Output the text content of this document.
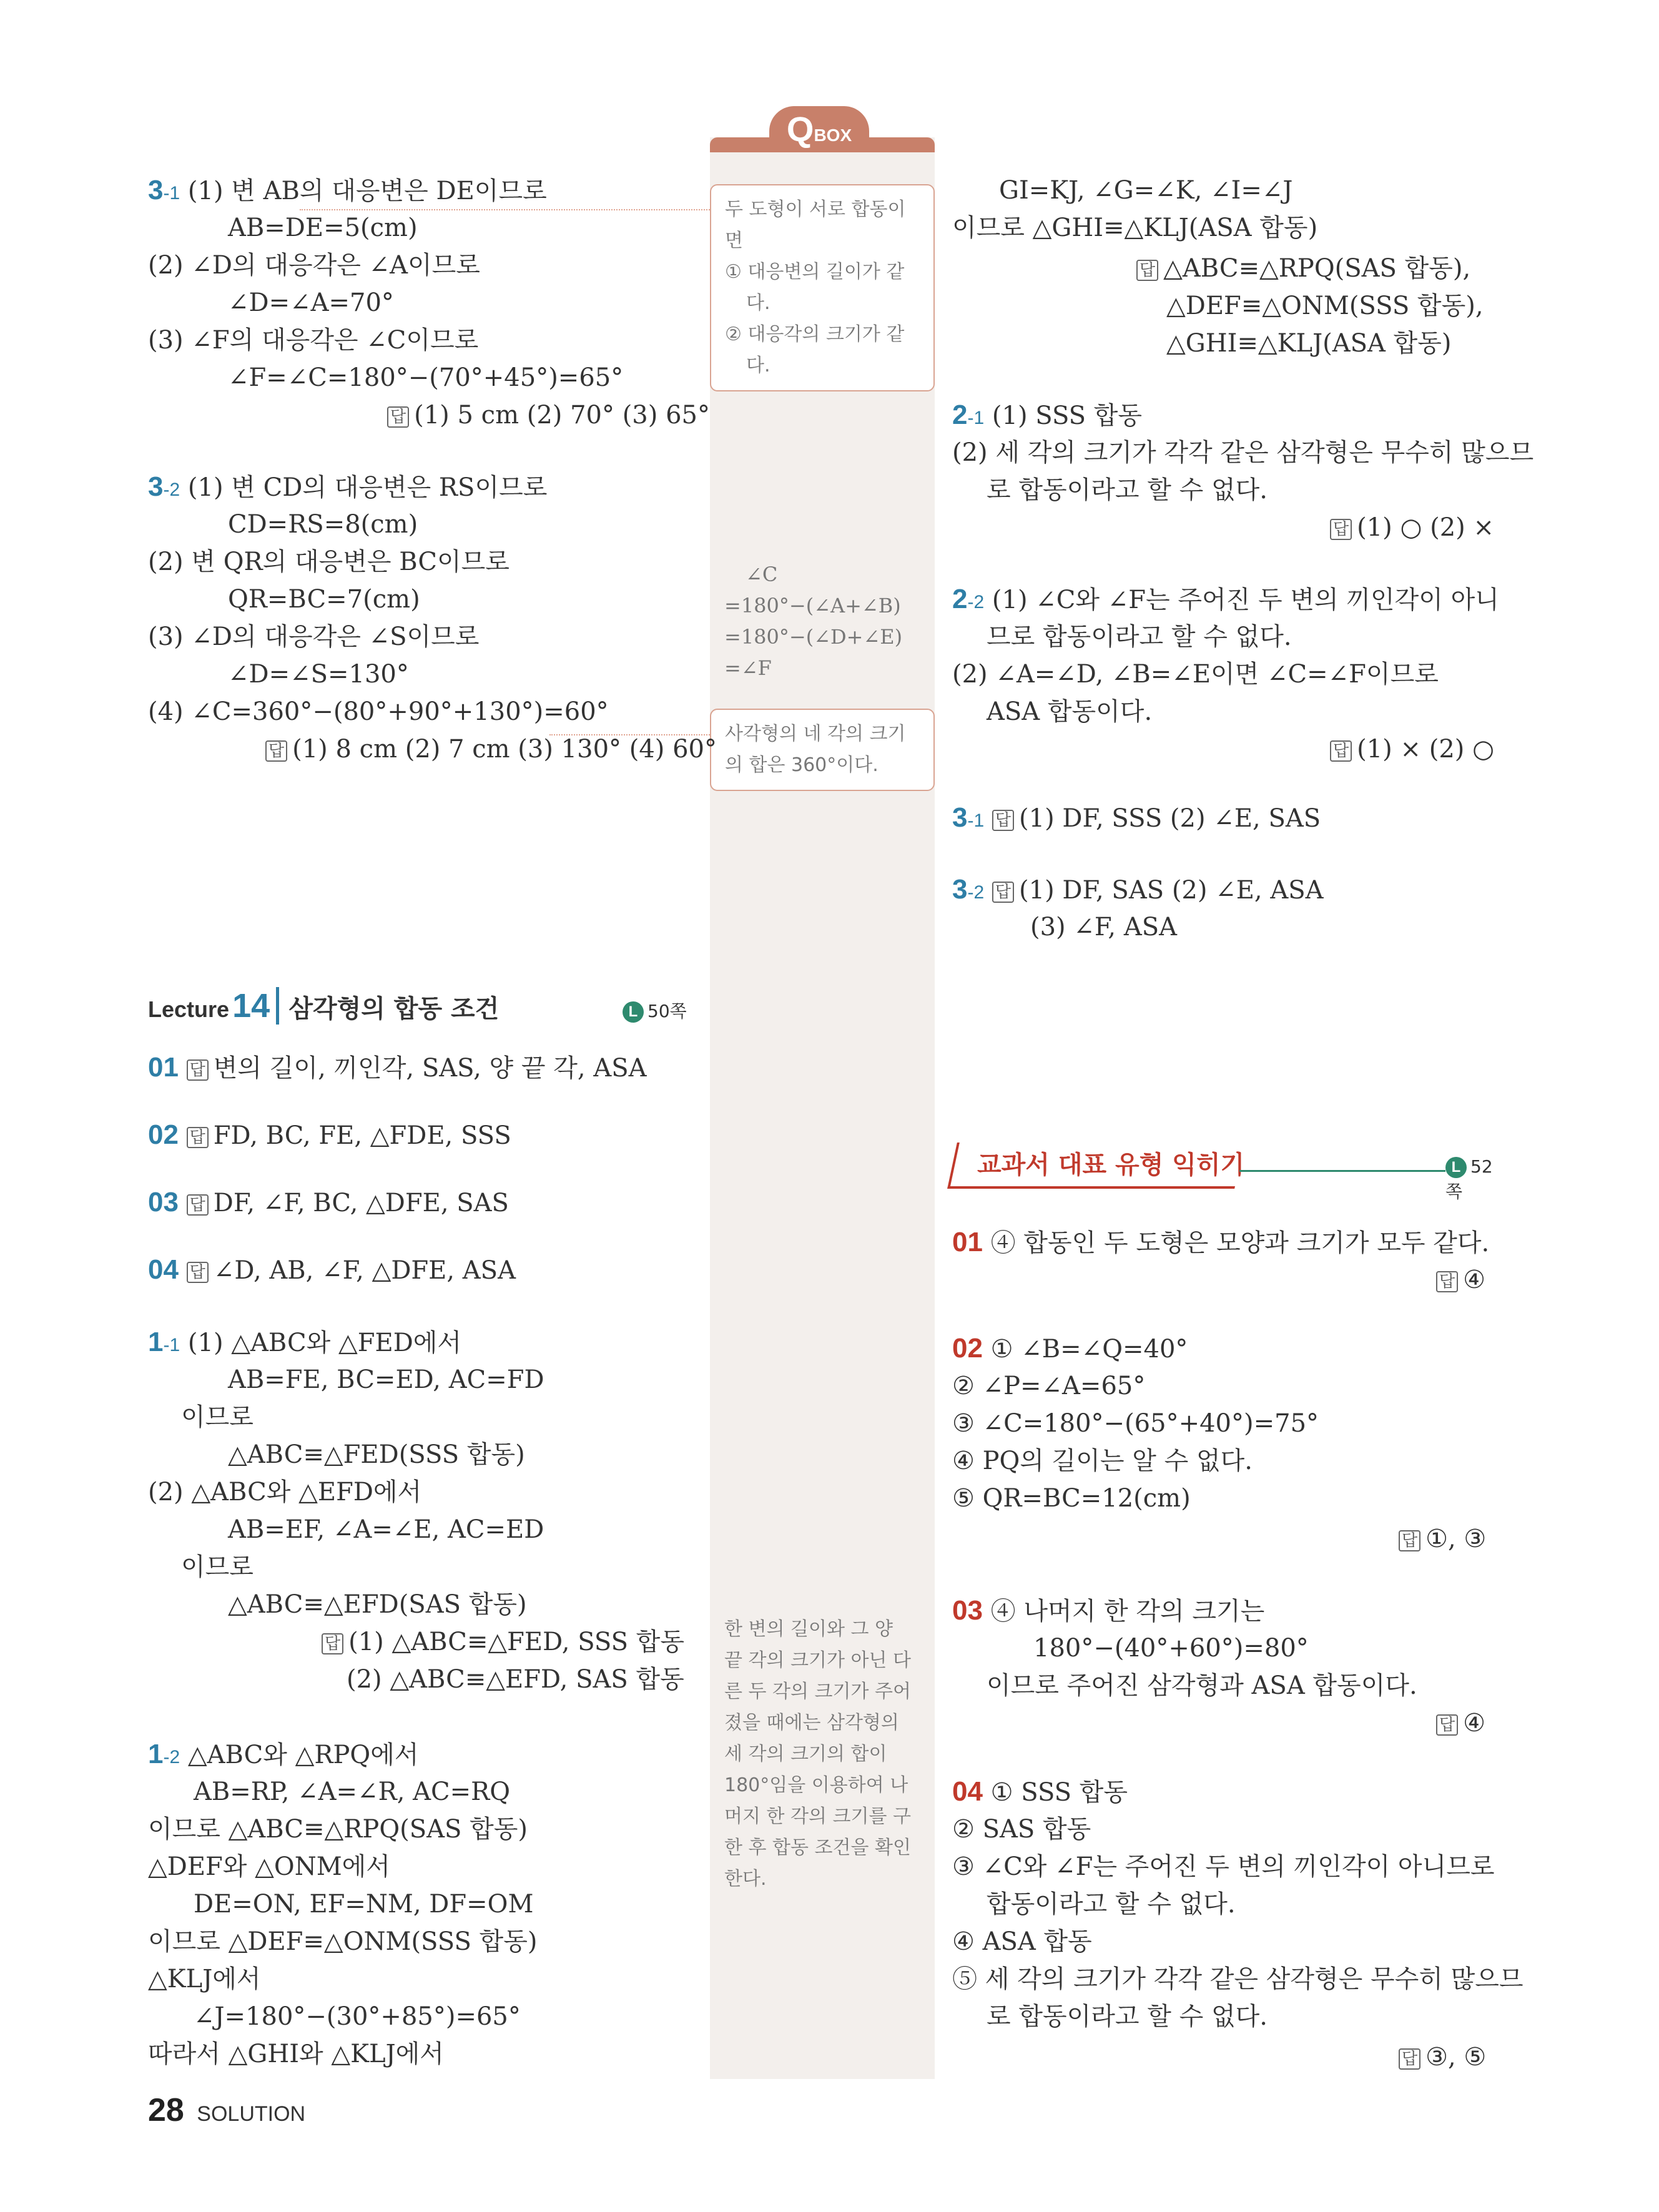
QBOX
두 도형이 서로 합동이
면
① 대응변의 길이가 같
다.
② 대응각의 크기가 같
다.
∠C
=180°−(∠A+∠B)
=180°−(∠D+∠E)
=∠F
사각형의 네 각의 크기
의 합은 360°이다.
한 변의 길이와 그 양
끝 각의 크기가 아닌 다
른 두 각의 크기가 주어
졌을 때에는 삼각형의
세 각의 크기의 합이
180°임을 이용하여 나
머지 한 각의 크기를 구
한 후 합동 조건을 확인
한다.
3-1 (1) 변 AB의 대응변은 DE이므로
AB=DE=5(cm)
(2) ∠D의 대응각은 ∠A이므로
∠D=∠A=70°
(3) ∠F의 대응각은 ∠C이므로
∠F=∠C=180°−(70°+45°)=65°
답 (1) 5 cm (2) 70° (3) 65°
3-2 (1) 변 CD의 대응변은 RS이므로
CD=RS=8(cm)
(2) 변 QR의 대응변은 BC이므로
QR=BC=7(cm)
(3) ∠D의 대응각은 ∠S이므로
∠D=∠S=130°
(4) ∠C=360°−(80°+90°+130°)=60°
답 (1) 8 cm (2) 7 cm (3) 130° (4) 60°
Lecture 14 삼각형의 합동 조건	L 50쪽
01 답 변의 길이, 끼인각, SAS, 양 끝 각, ASA
02 답 FD, BC, FE, △FDE, SSS
03 답 DF, ∠F, BC, △DFE, SAS
04 답 ∠D, AB, ∠F, △DFE, ASA
1-1 (1) △ABC와 △FED에서
AB=FE, BC=ED, AC=FD
이므로
△ABC≡△FED(SSS 합동)
(2) △ABC와 △EFD에서
AB=EF, ∠A=∠E, AC=ED
이므로
△ABC≡△EFD(SAS 합동)
답 (1) △ABC≡△FED, SSS 합동
(2) △ABC≡△EFD, SAS 합동
1-2 △ABC와 △RPQ에서
AB=RP, ∠A=∠R, AC=RQ
이므로 △ABC≡△RPQ(SAS 합동)
△DEF와 △ONM에서
DE=ON, EF=NM, DF=OM
이므로 △DEF≡△ONM(SSS 합동)
△KLJ에서
∠J=180°−(30°+85°)=65°
따라서 △GHI와 △KLJ에서
GI=KJ, ∠G=∠K, ∠I=∠J
이므로 △GHI≡△KLJ(ASA 합동)
답 △ABC≡△RPQ(SAS 합동),
△DEF≡△ONM(SSS 합동),
△GHI≡△KLJ(ASA 합동)
2-1 (1) SSS 합동
(2) 세 각의 크기가 각각 같은 삼각형은 무수히 많으므
로 합동이라고 할 수 없다.
답 (1) ○ (2) ×
2-2 (1) ∠C와 ∠F는 주어진 두 변의 끼인각이 아니
므로 합동이라고 할 수 없다.
(2) ∠A=∠D, ∠B=∠E이면 ∠C=∠F이므로
ASA 합동이다.
답 (1) × (2) ○
3-1 답 (1) DF, SSS (2) ∠E, SAS
3-2 답 (1) DF, SAS (2) ∠E, ASA
(3) ∠F, ASA
교과서 대표 유형 익히기	L 52쪽
01 ④ 합동인 두 도형은 모양과 크기가 모두 같다.
답 ④
02 ① ∠B=∠Q=40°
② ∠P=∠A=65°
③ ∠C=180°−(65°+40°)=75°
④ PQ의 길이는 알 수 없다.
⑤ QR=BC=12(cm)
답 ①, ③
03 ④ 나머지 한 각의 크기는
180°−(40°+60°)=80°
이므로 주어진 삼각형과 ASA 합동이다.
답 ④
04 ① SSS 합동
② SAS 합동
③ ∠C와 ∠F는 주어진 두 변의 끼인각이 아니므로
합동이라고 할 수 없다.
④ ASA 합동
⑤ 세 각의 크기가 각각 같은 삼각형은 무수히 많으므
로 합동이라고 할 수 없다.
답 ③, ⑤
28 SOLUTION
